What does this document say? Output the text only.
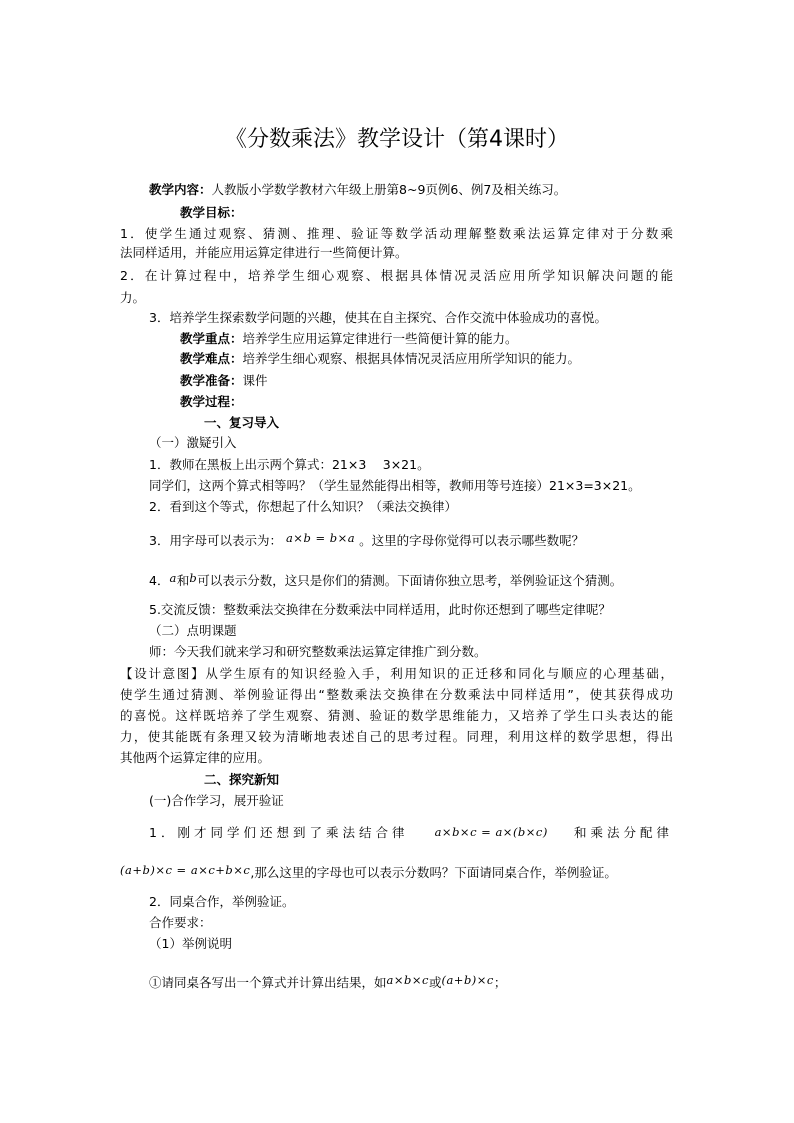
《分数乘法》教学设计（第4课时）
教学内容：人教版小学数学教材六年级上册第8~9页例6、例7及相关练习。
教学目标：
1．使学生通过观察、猜测、推理、验证等数学活动理解整数乘法运算定律对于分数乘
法同样适用，并能应用运算定律进行一些简便计算。
2．在计算过程中，培养学生细心观察、根据具体情况灵活应用所学知识解决问题的能
力。
3．培养学生探索数学问题的兴趣，使其在自主探究、合作交流中体验成功的喜悦。
教学重点：培养学生应用运算定律进行一些简便计算的能力。
教学难点：培养学生细心观察、根据具体情况灵活应用所学知识的能力。
教学准备：课件
教学过程：
一、复习导入
（一）激疑引入
1．教师在黑板上出示两个算式：21×3　 3×21。
同学们，这两个算式相等吗？（学生显然能得出相等，教师用等号连接）21×3=3×21。
2．看到这个等式，你想起了什么知识？（乘法交换律）
3．用字母可以表示为： a×b = b×a 。这里的字母你觉得可以表示哪些数呢？
4．a和b可以表示分数，这只是你们的猜测。下面请你独立思考，举例验证这个猜测。
5.交流反馈：整数乘法交换律在分数乘法中同样适用，此时你还想到了哪些定律呢？
（二）点明课题
师：今天我们就来学习和研究整数乘法运算定律推广到分数。
【设计意图】从学生原有的知识经验入手，利用知识的正迁移和同化与顺应的心理基础，
使学生通过猜测、举例验证得出“整数乘法交换律在分数乘法中同样适用”，使其获得成功
的喜悦。这样既培养了学生观察、猜测、验证的数学思维能力，又培养了学生口头表达的能
力，使其能既有条理又较为清晰地表述自己的思考过程。同理，利用这样的数学思想，得出
其他两个运算定律的应用。
二、探究新知
(一)合作学习，展开验证
1．刚才同学们还想到了乘法结合律 a×b×c = a×(b×c) 和乘法分配律
(a+b)×c = a×c+b×c,那么这里的字母也可以表示分数吗？下面请同桌合作，举例验证。
2．同桌合作，举例验证。
合作要求：
（1）举例说明
①请同桌各写出一个算式并计算出结果，如a×b×c或(a+b)×c；
